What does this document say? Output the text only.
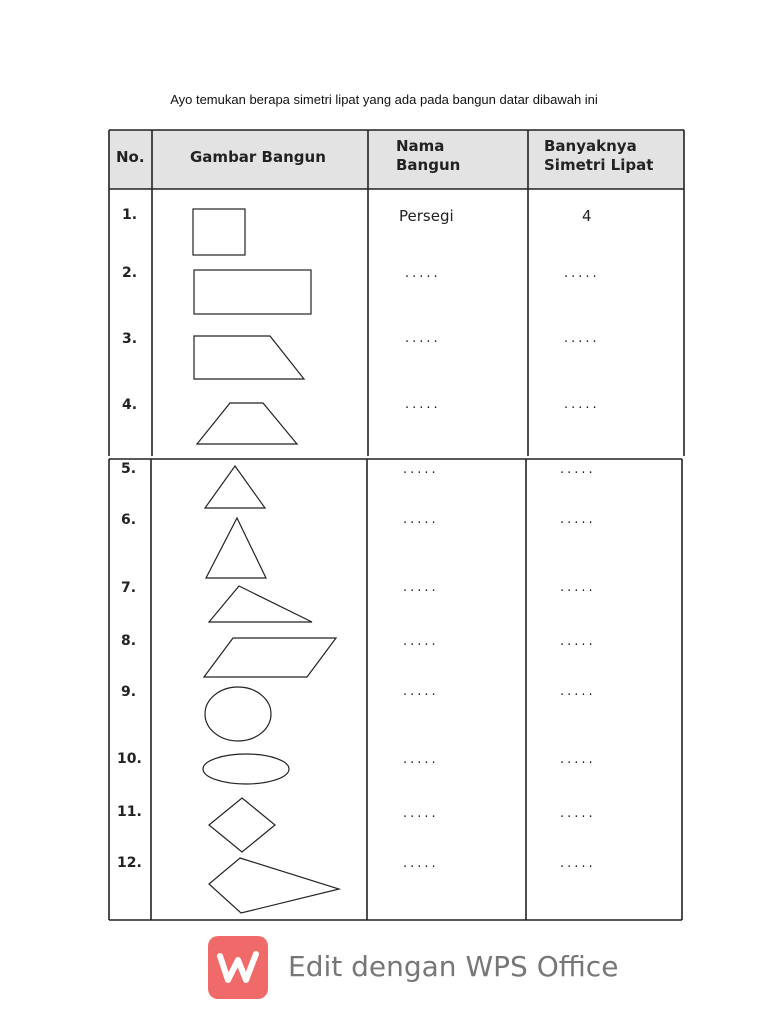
Ayo temukan berapa simetri lipat yang ada pada bangun datar dibawah ini
No.	Gambar Bangun
Nama
Bangun
Banyaknya
Simetri Lipat
1.
2.
3.
4.
5.
6.
7.
8.
9.
10.
11.
12.
Persegi
.....
.....
.....
.....
.....
.....
.....
.....
.....
.....
.....
4
.....
.....
.....
.....
.....
.....
.....
.....
.....
.....
.....
Edit dengan WPS Office
